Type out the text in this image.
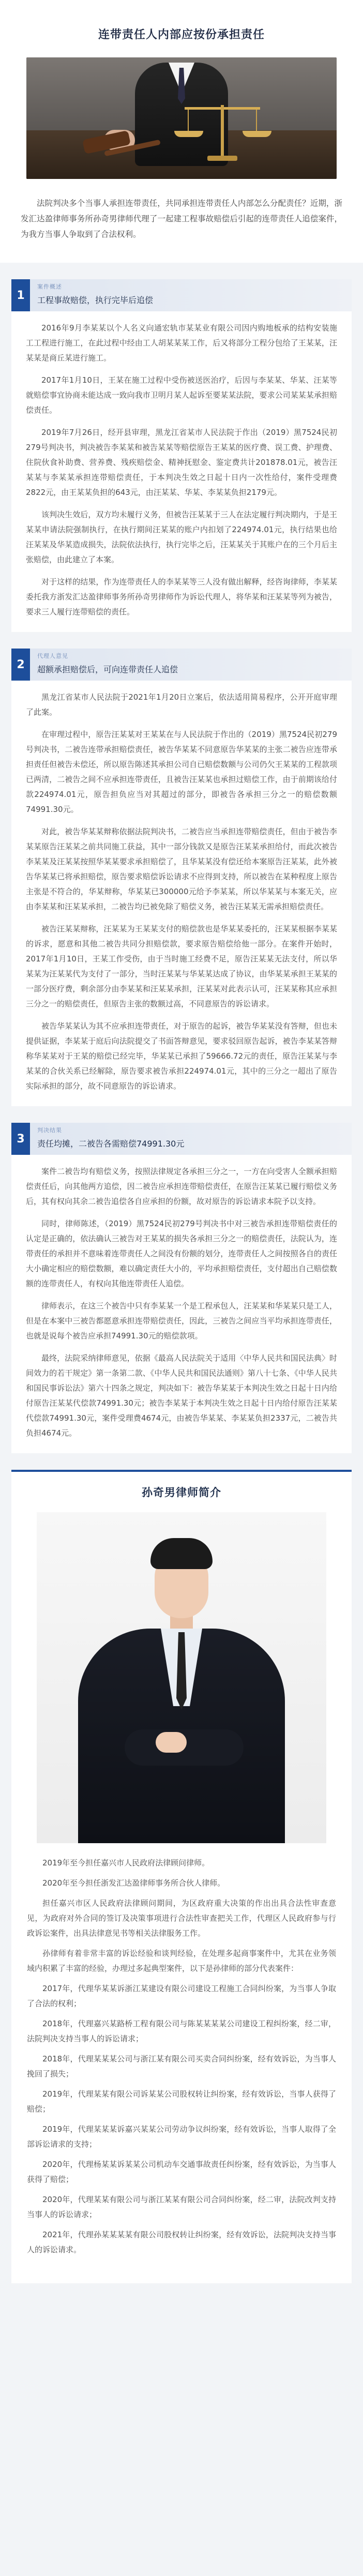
连带责任人内部应按份承担责任

法院判决多个当事人承担连带责任，共同承担连带责任人内部怎么分配责任？近期，浙发汇达盈律师事务所孙奇男律师代理了一起建工程事故赔偿后引起的连带责任人追偿案件，为我方当事人争取到了合法权利。

1
案件概述
工程事故赔偿，执行完毕后追偿

2016年9月李某某以个人名义向通宏轨市某某业有限公司因内购地板承的结构安装施工工程进行施工，在此过程中经由工人胡某某某工作，后又将部分工程分包给了王某某，汪某某是商丘某进行施工。

2017年1月10日，王某在施工过程中受伤被送医治疗，后因与李某某、华某、汪某等就赔偿事宜协商未能达成一致向我市卫明月某人起诉至要某某法院，要求公司某某某承担赔偿责任。

2019年7月26日，经开县审理，黑龙江省某市人民法院于作出（2019）黑7524民初279号判决书，判决被告李某某和被告某某等赔偿原告王某某的医疗费、误工费、护理费、住院伙食补助费、营养费、残疾赔偿金、精神抚慰金、鉴定费共计201878.01元，被告汪某某与李某某承担连带赔偿责任，于本判决生效之日起十日内一次性给付，案件受理费2822元，由王某某负担的643元，由汪某某、华某、李某某负担2179元。

该判决生效后，双方均未履行义务，但被告汪某某于三人在法定履行判决期内，于是王某某申请法院强制执行，在执行期间汪某某的账户内扣划了224974.01元，执行结果也给汪某某及华某造成损失，法院依法执行，执行完毕之后，汪某某关于其账户在的三个月后主张赔偿，由此建立了本案。

对于这样的结果，作为连带责任人的李某某等三人没有做出解释，经咨询律师，李某某委托我方浙发汇达盈律师事务所孙奇男律师作为诉讼代理人，将华某和汪某某等列为被告，要求三人履行连带赔偿的责任。

2
代理人意见
超额承担赔偿后，可向连带责任人追偿

黑龙江省某市人民法院于2021年1月20日立案后，依法适用简易程序，公开开庭审理了此案。

在审理过程中，原告汪某某对王某某在与人民法院于作出的（2019）黑7524民初279号判决书，二被告连带承担赔偿责任，被告华某某不同意原告华某某的主张二被告应连带承担责任但被告未偿还，所以原告陈述其承担公司自已赔偿数额与公司仍欠王某某的工程款项已两清，二被告之间不应承担连带责任，且被告汪某某也承担过赔偿工作，由于前期该给付款224974.01元，原告担负应当对其超过的部分，即被告各承担三分之一的赔偿数额74991.30元。

对此，被告华某某辩称依据法院判决书，二被告应当承担连带赔偿责任，但由于被告李某某原告汪某某之前共同施工获益，其中一部分钱款又是原告汪某某承担给付，而此次被告李某某及汪某某按照华某某要求承担赔偿了，且华某某没有偿还给本案原告汪某某，此外被告华某某已将承担赔偿，原告要求赔偿诉讼请求不应得到支持，所以被告在某种程度上原告主张是不符合的，华某辩称，华某某已300000元给予李某某，所以华某某与本案无关，应由李某某和汪某某承担，二被告均已被免除了赔偿义务，被告汪某某无需承担赔偿责任。

被告汪某某辩称，汪某某为王某某支付的赔偿款也是华某某委托的，汪某某根据李某某的诉求，愿意和其他二被告共同分担赔偿款，要求原告赔偿给他一部分。在案件开始时，2017年1月10日，王某工作受伤，由于当时施工经费不足，原告汪某某无法支付，所以华某某为汪某某代为支付了一部分，当时汪某某与华某某达成了协议，由华某某承担王某某的一部分医疗费，剩余部分由李某某和汪某某承担，汪某某对此表示认可，汪某某称其应承担三分之一的赔偿责任，但原告主张的数额过高，不同意原告的诉讼请求。

被告华某某认为其不应承担连带责任，对于原告的起诉，被告华某某没有答辩，但也未提供证据，李某某于庭后向法院提交了书面答辩意见，要求驳回原告起诉，被告李某某答辩称华某某对于王某的赔偿已经完毕，华某某已承担了59666.72元的责任，原告汪某某与李某某的合伙关系已经解除，原告要求被告承担224974.01元，其中的三分之一超出了原告实际承担的部分，故不同意原告的诉讼请求。

3
判决结果
责任均摊，二被告各需赔偿74991.30元

案件二被告均有赔偿义务，按照法律规定各承担三分之一，一方在向受害人全额承担赔偿责任后，向其他两方追偿，因二被告应承担连带赔偿责任，在原告汪某某已履行赔偿义务后，其有权向其余二被告追偿各自应承担的份额，故对原告的诉讼请求本院予以支持。

同时，律师陈述，（2019）黑7524民初279号判决书中对三被告承担连带赔偿责任的认定是正确的，依法确认三被告对王某某的损失各承担三分之一的赔偿责任，法院认为，连带责任的承担并不意味着连带责任人之间没有份额的划分，连带责任人之间按照各自的责任大小确定相应的赔偿数额，难以确定责任大小的，平均承担赔偿责任，支付超出自己赔偿数额的连带责任人，有权向其他连带责任人追偿。

律师表示，在这三个被告中只有李某某一个是工程承包人，汪某某和华某某只是工人，但是在本案中三被告都愿意承担连带赔偿责任，因此，三被告之间应当平均承担连带责任，也就是说每个被告应承担74991.30元的赔偿款项。

最终，法院采纳律师意见，依据《最高人民法院关于适用〈中华人民共和国民法典〉时间效力的若干规定》第一条第二款、《中华人民共和国民法通则》第八十七条、《中华人民共和国民事诉讼法》第六十四条之规定，判决如下：被告华某某于本判决生效之日起十日内给付原告汪某某代偿款74991.30元；被告李某某于本判决生效之日起十日内给付原告汪某某代偿款74991.30元，案件受理费4674元，由被告华某某、李某某负担2337元，二被告共负担4674元。

孙奇男律师简介

2019年至今担任嘉兴市人民政府法律顾问律师。

2020年至今担任浙发汇达盈律师事务所合伙人律师。

担任嘉兴市区人民政府法律顾问期间，为区政府重大决策的作出出具合法性审查意见，为政府对外合同的签订及决策事项进行合法性审查把关工作，代理区人民政府参与行政诉讼案件，出具法律意见书等相关法律服务工作。

孙律师有着非常丰富的诉讼经验和谈判经验，在处理多起商事案件中，尤其在业务领域内积累了丰富的经验，办理过多起典型案件，以下是孙律师的部分代表案件：

2017年，代理华某某诉浙江某建设有限公司建设工程施工合同纠纷案，为当事人争取了合法的权利；

2018年，代理嘉兴某路桥工程有限公司与陈某某某某公司建设工程纠纷案，经二审，法院判决支持当事人的诉讼请求；

2018年，代理某某某公司与浙江某有限公司买卖合同纠纷案，经有效诉讼，为当事人挽回了损失；

2019年，代理某某有限公司诉某某公司股权转让纠纷案，经有效诉讼，当事人获得了赔偿；

2019年，代理某某某诉嘉兴某某公司劳动争议纠纷案，经有效诉讼，当事人取得了全部诉讼请求的支持；

2020年，代理杨某某诉某某公司机动车交通事故责任纠纷案，经有效诉讼，为当事人获得了赔偿；

2020年，代理某某有限公司与浙江某某有限公司合同纠纷案，经二审，法院改判支持当事人的诉讼请求；

2021年，代理孙某某某某有限公司股权转让纠纷案，经有效诉讼，法院判决支持当事人的诉讼请求。
